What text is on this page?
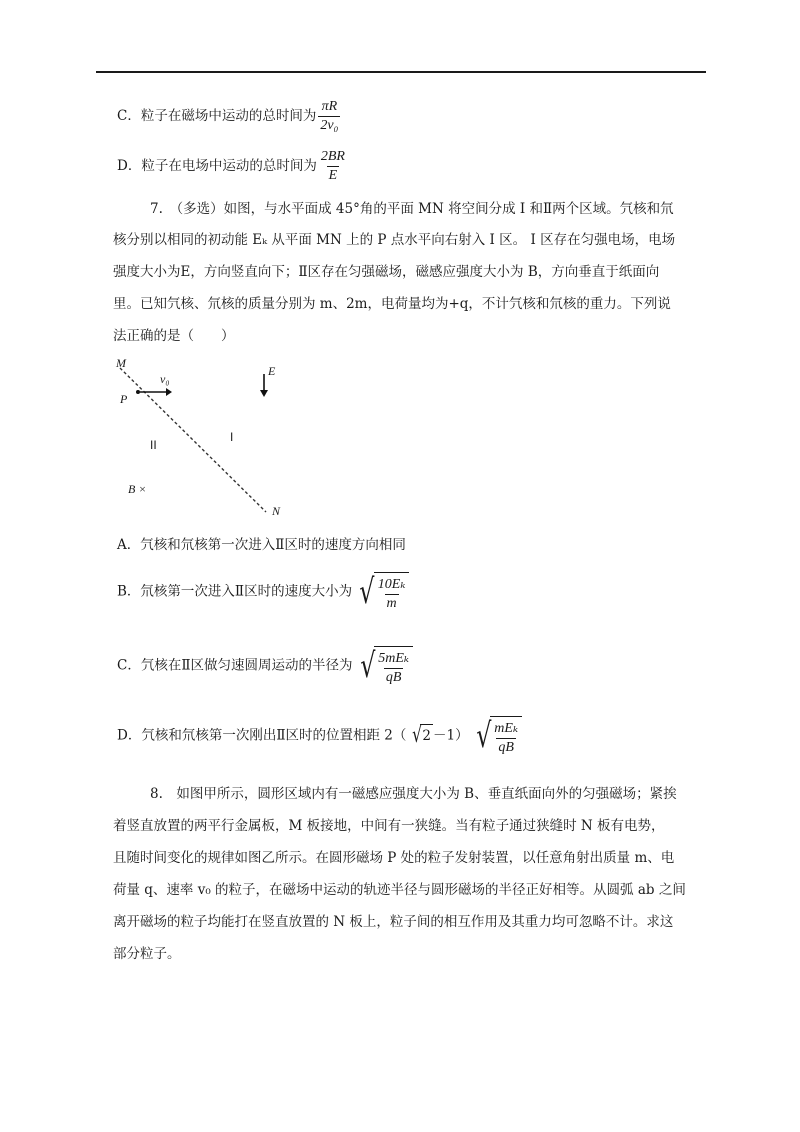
C．粒子在磁场中运动的总时间为 $\frac{\pi R}{\text{2v₀}}$
D．粒子在电场中运动的总时间为 $\frac{2BR}{E}$
7.　（多选）如图，与水平面成 45°角的平面 MN 将空间分成 Ⅰ 和Ⅱ两个区域。氕核和氘
核分别以相同的初动能 Eₖ 从平面 MN 上的 P 点水平向右射入 Ⅰ 区。 Ⅰ 区存在匀强电场，电场
强度大小为E，方向竖直向下；Ⅱ区存在匀强磁场，磁感应强度大小为 B，方向垂直于纸面向
里。已知氕核、氘核的质量分别为 m、2m，电荷量均为+q，不计氕核和氘核的重力。下列说
法正确的是（　　）
M
P
v₀
E
I
II
B ×
N
A．氕核和氘核第一次进入Ⅱ区时的速度方向相同
B．氘核第一次进入Ⅱ区时的速度大小为 √ $\frac{\text{10Eₖ}}{m}$
C．氕核在Ⅱ区做匀速圆周运动的半径为 √ $\frac{\text{5mEₖ}}{qB}$
D．氕核和氘核第一次刚出Ⅱ区时的位置相距 2（ √ 2 －1） √ $\frac{\text{mEₖ}}{qB}$
8.　如图甲所示，圆形区域内有一磁感应强度大小为 B、垂直纸面向外的匀强磁场；紧挨
着竖直放置的两平行金属板，M 板接地，中间有一狭缝。当有粒子通过狭缝时 N 板有电势，
且随时间变化的规律如图乙所示。在圆形磁场 P 处的粒子发射装置，以任意角射出质量 m、电
荷量 q、速率 v₀ 的粒子，在磁场中运动的轨迹半径与圆形磁场的半径正好相等。从圆弧 ab 之间
离开磁场的粒子均能打在竖直放置的 N 板上，粒子间的相互作用及其重力均可忽略不计。求这
部分粒子。
